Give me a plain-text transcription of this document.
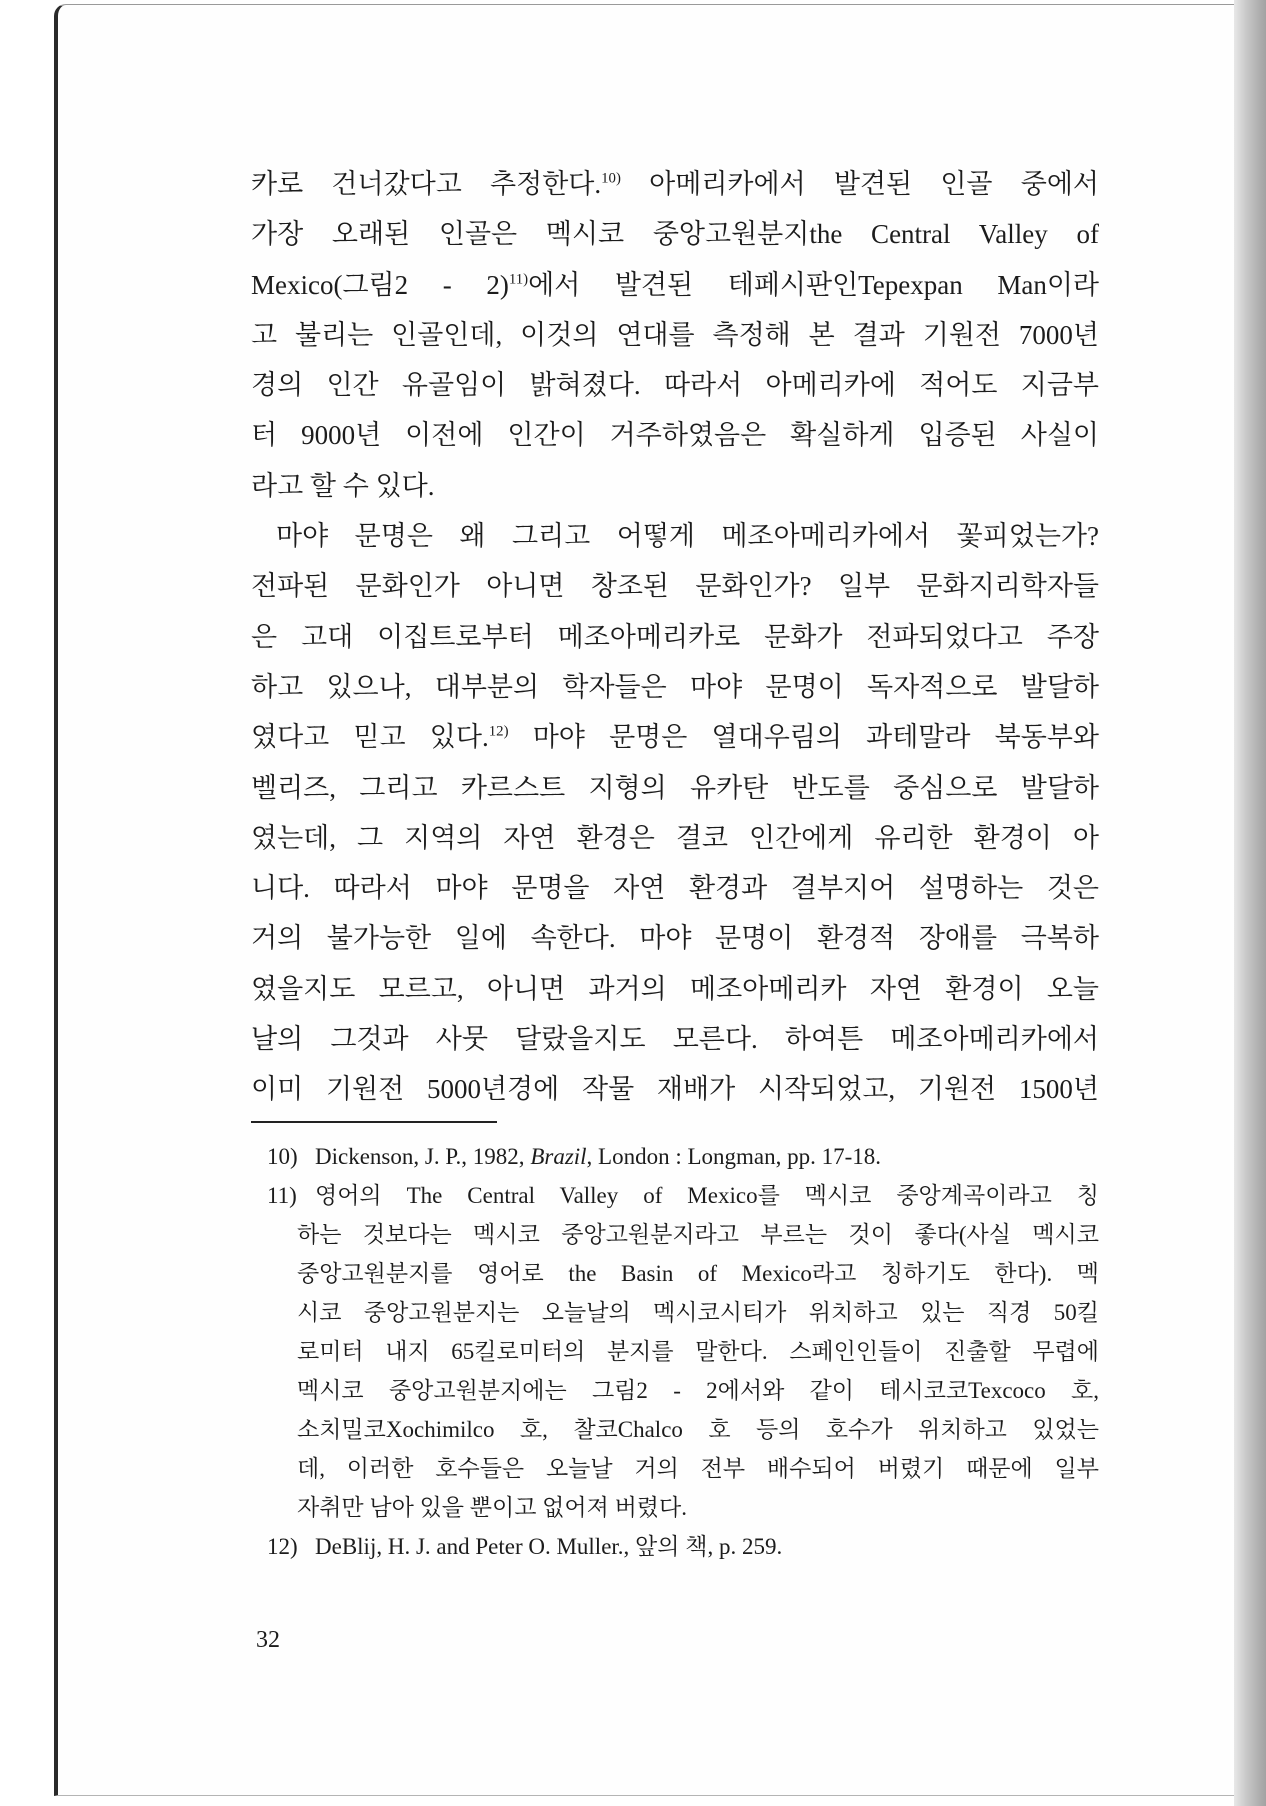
카로 건너갔다고 추정한다.$^{10)}$ 아메리카에서 발견된 인골 중에서
가장 오래된 인골은 멕시코 중앙고원분지the Central Valley of
Mexico(그림2 - 2)$^{11)}$에서 발견된 테페시판인Tepexpan Man이라
고 불리는 인골인데, 이것의 연대를 측정해 본 결과 기원전 7000년
경의 인간 유골임이 밝혀졌다. 따라서 아메리카에 적어도 지금부
터 9000년 이전에 인간이 거주하였음은 확실하게 입증된 사실이
라고 할 수 있다.
마야 문명은 왜 그리고 어떻게 메조아메리카에서 꽃피었는가?
전파된 문화인가 아니면 창조된 문화인가? 일부 문화지리학자들
은 고대 이집트로부터 메조아메리카로 문화가 전파되었다고 주장
하고 있으나, 대부분의 학자들은 마야 문명이 독자적으로 발달하
였다고 믿고 있다.$^{12)}$ 마야 문명은 열대우림의 과테말라 북동부와
벨리즈, 그리고 카르스트 지형의 유카탄 반도를 중심으로 발달하
였는데, 그 지역의 자연 환경은 결코 인간에게 유리한 환경이 아
니다. 따라서 마야 문명을 자연 환경과 결부지어 설명하는 것은
거의 불가능한 일에 속한다. 마야 문명이 환경적 장애를 극복하
였을지도 모르고, 아니면 과거의 메조아메리카 자연 환경이 오늘
날의 그것과 사뭇 달랐을지도 모른다. 하여튼 메조아메리카에서
이미 기원전 5000년경에 작물 재배가 시작되었고, 기원전 1500년
10) Dickenson, J. P., 1982, Brazil, London : Longman, pp. 17-18.
11) 영어의 The Central Valley of Mexico를 멕시코 중앙계곡이라고 칭
하는 것보다는 멕시코 중앙고원분지라고 부르는 것이 좋다(사실 멕시코
중앙고원분지를 영어로 the Basin of Mexico라고 칭하기도 한다). 멕
시코 중앙고원분지는 오늘날의 멕시코시티가 위치하고 있는 직경 50킬
로미터 내지 65킬로미터의 분지를 말한다. 스페인인들이 진출할 무렵에
멕시코 중앙고원분지에는 그림2 - 2에서와 같이 테시코코Texcoco 호,
소치밀코Xochimilco 호, 찰코Chalco 호 등의 호수가 위치하고 있었는
데, 이러한 호수들은 오늘날 거의 전부 배수되어 버렸기 때문에 일부
자취만 남아 있을 뿐이고 없어져 버렸다.
12) DeBlij, H. J. and Peter O. Muller., 앞의 책, p. 259.
32
